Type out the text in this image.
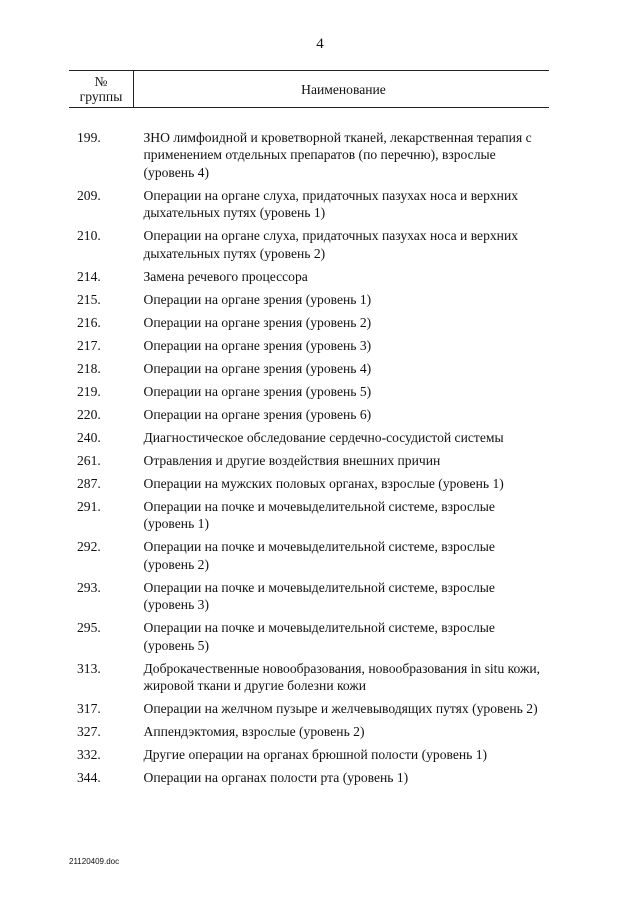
4
№
группы	Наименование

199.	ЗНО лимфоидной и кроветворной тканей, лекарственная терапия с применением отдельных препаратов (по перечню), взрослые (уровень 4)
209.	Операции на органе слуха, придаточных пазухах носа и верхних дыхательных путях (уровень 1)
210.	Операции на органе слуха, придаточных пазухах носа и верхних дыхательных путях (уровень 2)
214.	Замена речевого процессора
215.	Операции на органе зрения (уровень 1)
216.	Операции на органе зрения (уровень 2)
217.	Операции на органе зрения (уровень 3)
218.	Операции на органе зрения (уровень 4)
219.	Операции на органе зрения (уровень 5)
220.	Операции на органе зрения (уровень 6)
240.	Диагностическое обследование сердечно-сосудистой системы
261.	Отравления и другие воздействия внешних причин
287.	Операции на мужских половых органах, взрослые (уровень 1)
291.	Операции на почке и мочевыделительной системе, взрослые (уровень 1)
292.	Операции на почке и мочевыделительной системе, взрослые (уровень 2)
293.	Операции на почке и мочевыделительной системе, взрослые (уровень 3)
295.	Операции на почке и мочевыделительной системе, взрослые (уровень 5)
313.	Доброкачественные новообразования, новообразования in situ кожи, жировой ткани и другие болезни кожи
317.	Операции на желчном пузыре и желчевыводящих путях (уровень 2)
327.	Аппендэктомия, взрослые (уровень 2)
332.	Другие операции на органах брюшной полости (уровень 1)
344.	Операции на органах полости рта (уровень 1)
21120409.doc
